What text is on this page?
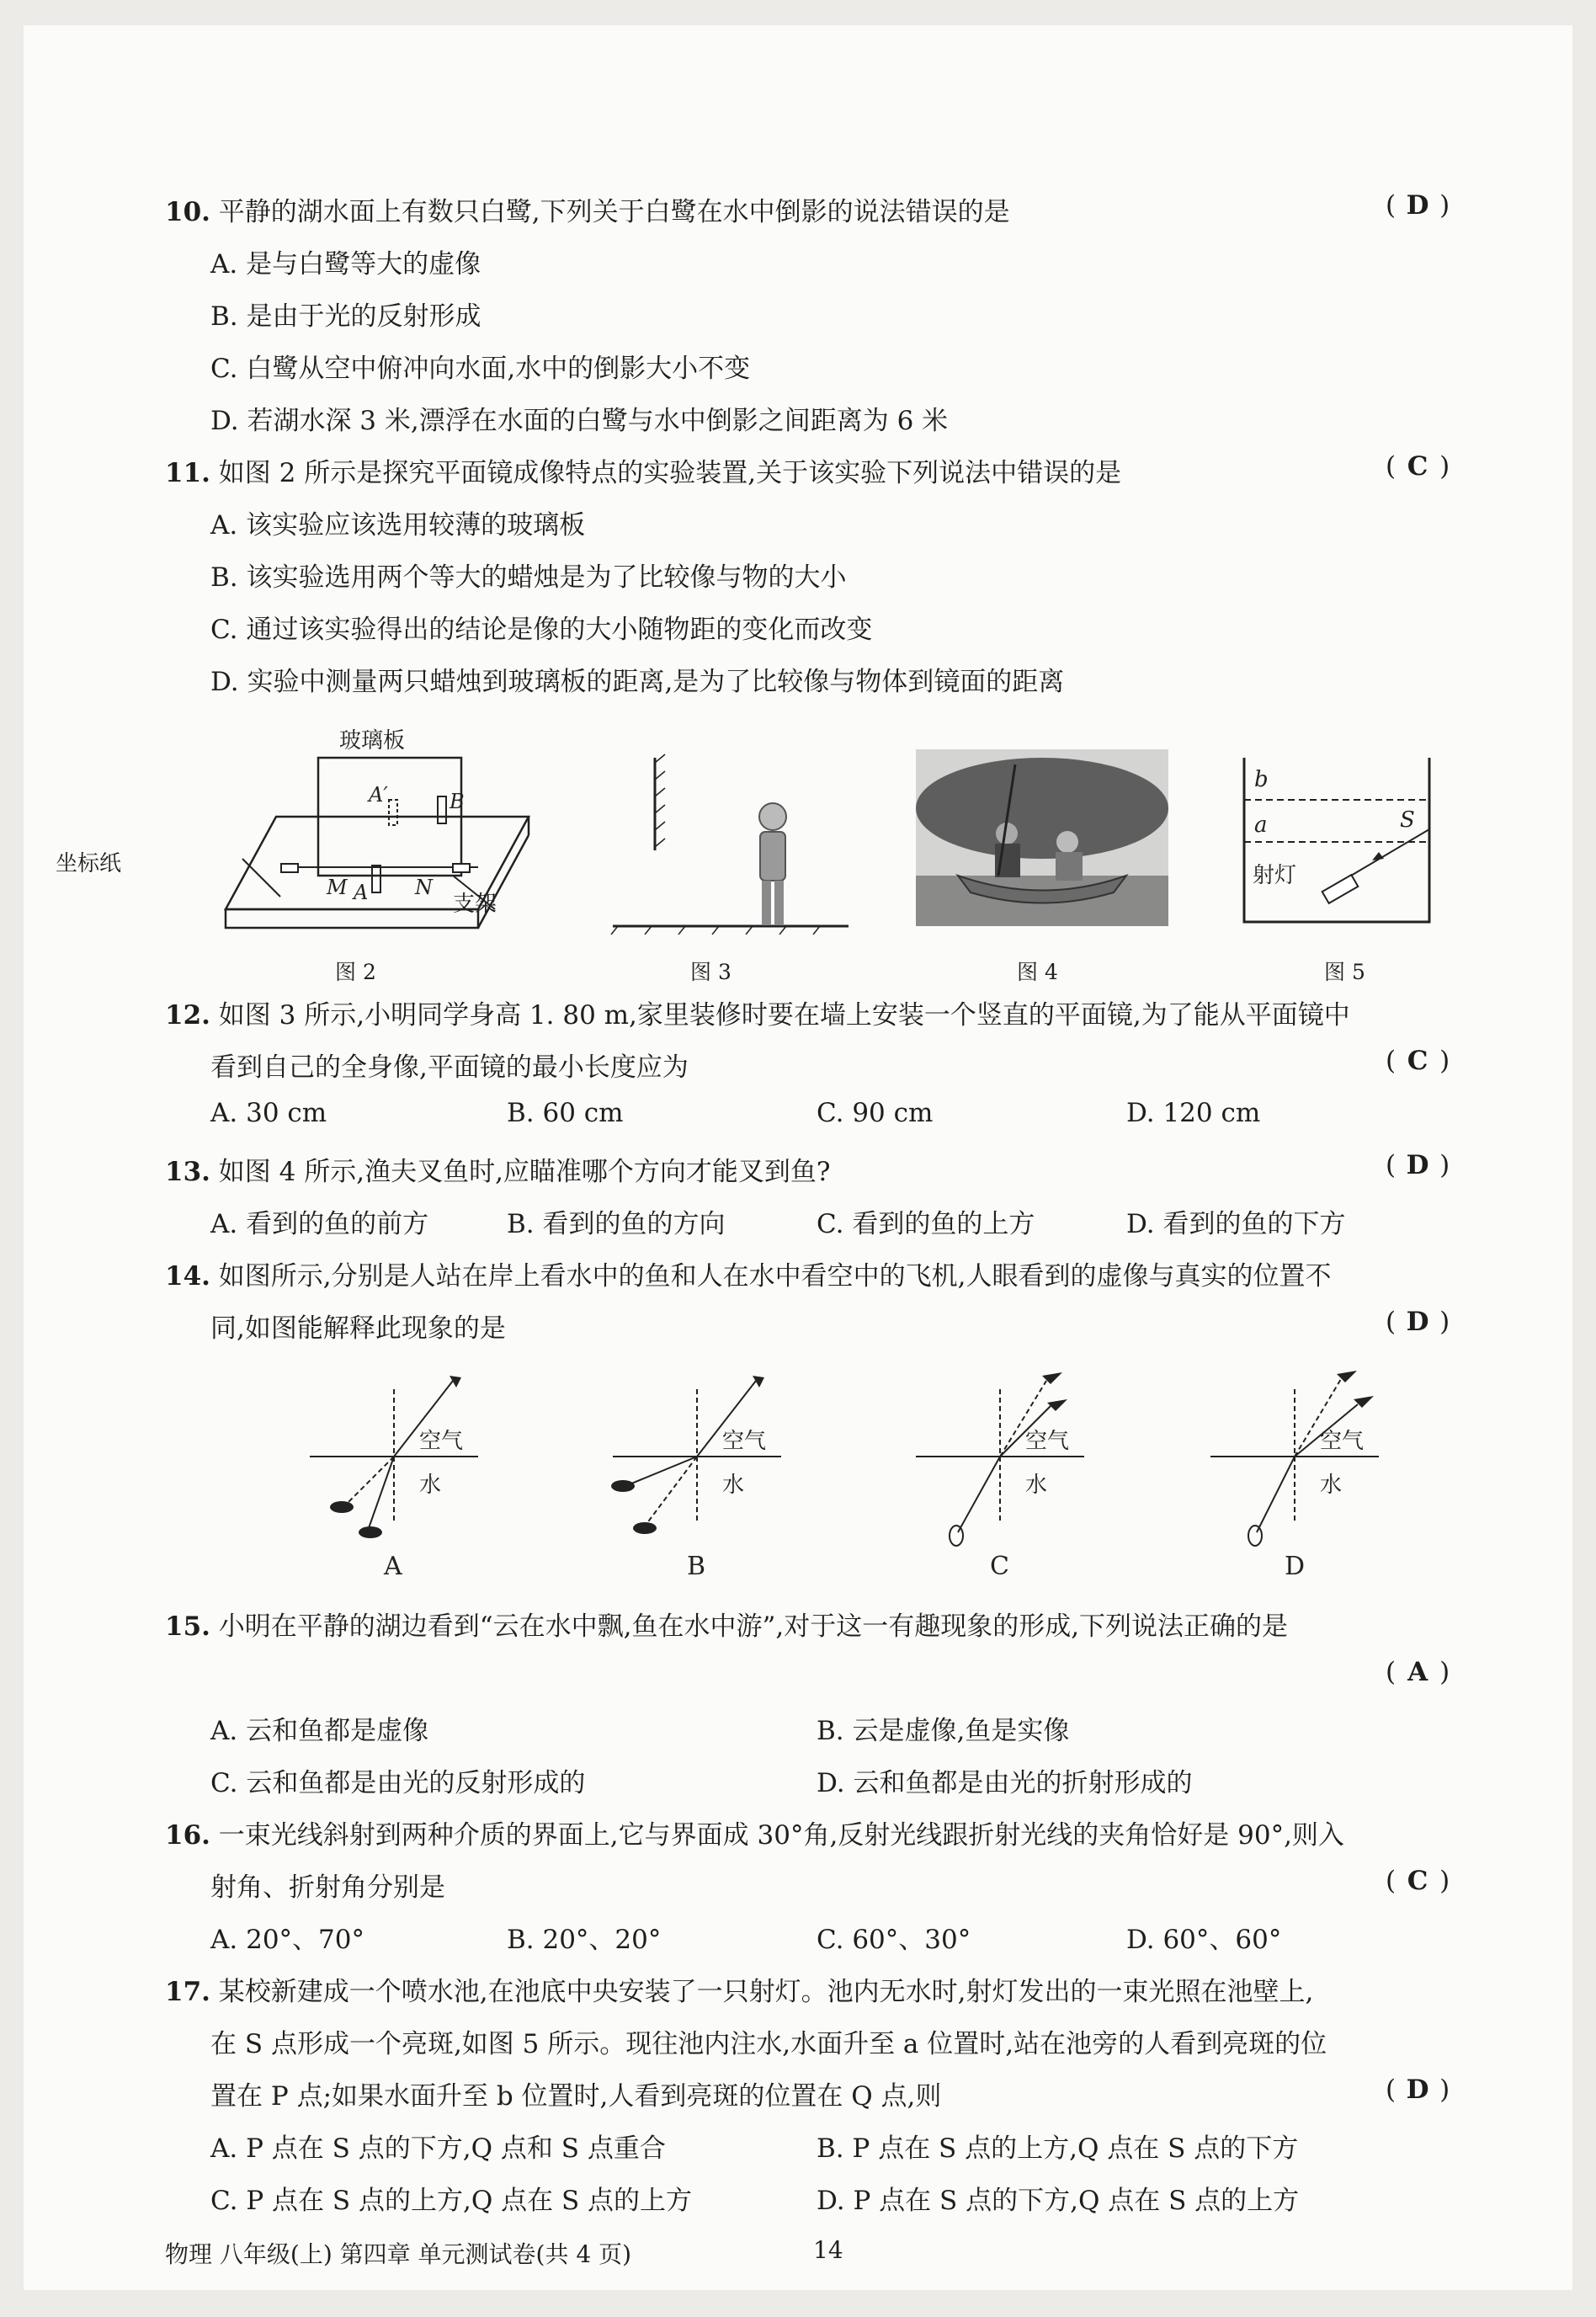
10. 平静的湖水面上有数只白鹭,下列关于白鹭在水中倒影的说法错误的是	( D )
A. 是与白鹭等大的虚像
B. 是由于光的反射形成
C. 白鹭从空中俯冲向水面,水中的倒影大小不变
D. 若湖水深 3 米,漂浮在水面的白鹭与水中倒影之间距离为 6 米
11. 如图 2 所示是探究平面镜成像特点的实验装置,关于该实验下列说法中错误的是	( C )
A. 该实验应该选用较薄的玻璃板
B. 该实验选用两个等大的蜡烛是为了比较像与物的大小
C. 通过该实验得出的结论是像的大小随物距的变化而改变
D. 实验中测量两只蜡烛到玻璃板的距离,是为了比较像与物体到镜面的距离
玻璃板
A′	B
M A N
坐标纸
支架
图 2	图 3	图 4
b
a	S
射灯
图 5
12. 如图 3 所示,小明同学身高 1. 80 m,家里装修时要在墙上安装一个竖直的平面镜,为了能从平面镜中
看到自己的全身像,平面镜的最小长度应为	( C )
A. 30 cm	B. 60 cm	C. 90 cm	D. 120 cm
13. 如图 4 所示,渔夫叉鱼时,应瞄准哪个方向才能叉到鱼?	( D )
A. 看到的鱼的前方	B. 看到的鱼的方向	C. 看到的鱼的上方	D. 看到的鱼的下方
14. 如图所示,分别是人站在岸上看水中的鱼和人在水中看空中的飞机,人眼看到的虚像与真实的位置不
同,如图能解释此现象的是	( D )
空气
水
A
空气
水
B
空气
水
C
空气
水
D
15. 小明在平静的湖边看到“云在水中飘,鱼在水中游”,对于这一有趣现象的形成,下列说法正确的是
( A )
A. 云和鱼都是虚像	B. 云是虚像,鱼是实像
C. 云和鱼都是由光的反射形成的	D. 云和鱼都是由光的折射形成的
16. 一束光线斜射到两种介质的界面上,它与界面成 30°角,反射光线跟折射光线的夹角恰好是 90°,则入
射角、折射角分别是	( C )
A. 20°、70°	B. 20°、20°	C. 60°、30°	D. 60°、60°
17. 某校新建成一个喷水池,在池底中央安装了一只射灯。池内无水时,射灯发出的一束光照在池壁上,
在 S 点形成一个亮斑,如图 5 所示。现往池内注水,水面升至 a 位置时,站在池旁的人看到亮斑的位
置在 P 点;如果水面升至 b 位置时,人看到亮斑的位置在 Q 点,则	( D )
A. P 点在 S 点的下方,Q 点和 S 点重合	B. P 点在 S 点的上方,Q 点在 S 点的下方
C. P 点在 S 点的上方,Q 点在 S 点的上方	D. P 点在 S 点的下方,Q 点在 S 点的上方
物理 八年级(上) 第四章 单元测试卷(共 4 页)	14
